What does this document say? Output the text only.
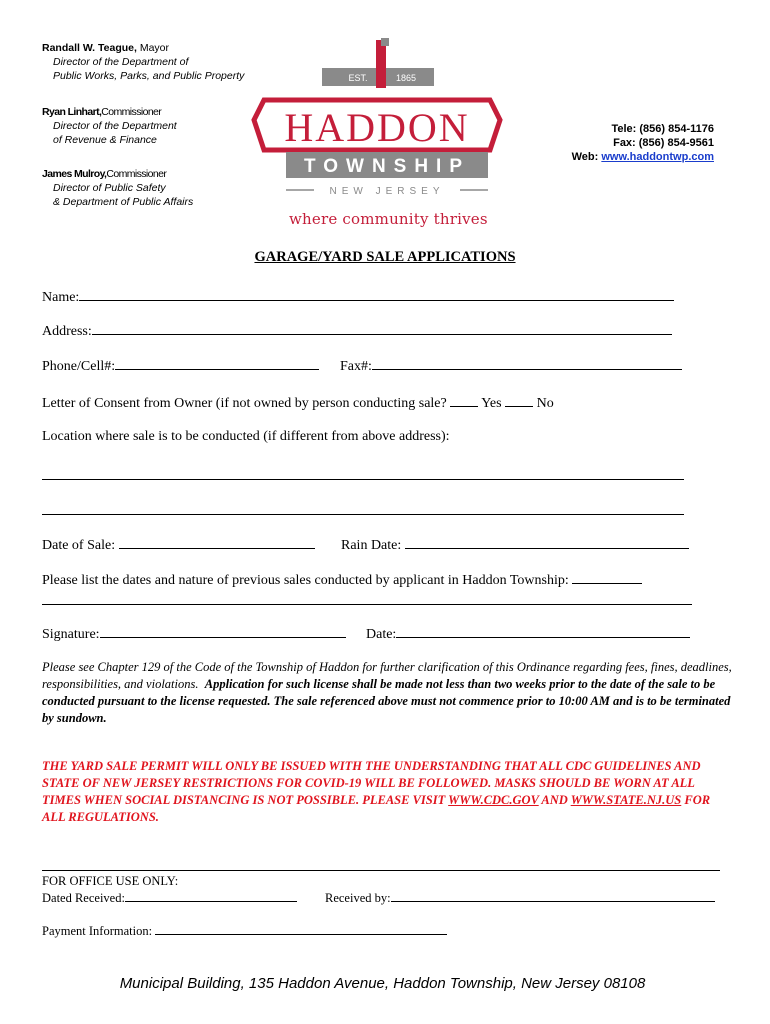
Randall W. Teague, Mayor
Director of the Department of
Public Works, Parks, and Public Property
Ryan Linhart,Commissioner
Director of the Department
of Revenue & Finance
James Mulroy,Commissioner
Director of Public Safety
& Department of Public Affairs
EST.	1865
HADDON
TOWNSHIP
NEW JERSEY
where community thrives
Tele: (856) 854-1176
Fax: (856) 854-9561
Web: www.haddontwp.com
GARAGE/YARD SALE APPLICATIONS
Name:
Address:
Phone/Cell#:	Fax#:
Letter of Consent from Owner (if not owned by person conducting sale? Yes	No
Location where sale is to be conducted (if different from above address):
Date of Sale:	Rain Date:
Please list the dates and nature of previous sales conducted by applicant in Haddon Township:
Signature:	Date:
Please see Chapter 129 of the Code of the Township of Haddon for further clarification of this Ordinance regarding fees, fines, deadlines, responsibilities, and violations. Application for such license shall be made not less than two weeks prior to the date of the sale to be conducted pursuant to the license requested. The sale referenced above must not commence prior to 10:00 AM and is to be terminated by sundown.
THE YARD SALE PERMIT WILL ONLY BE ISSUED WITH THE UNDERSTANDING THAT ALL CDC GUIDELINES AND STATE OF NEW JERSEY RESTRICTIONS FOR COVID-19 WILL BE FOLLOWED. MASKS SHOULD BE WORN AT ALL TIMES WHEN SOCIAL DISTANCING IS NOT POSSIBLE. PLEASE VISIT WWW.CDC.GOV AND WWW.STATE.NJ.US FOR ALL REGULATIONS.
FOR OFFICE USE ONLY:
Dated Received:	Received by:
Payment Information:
Municipal Building, 135 Haddon Avenue, Haddon Township, New Jersey 08108
